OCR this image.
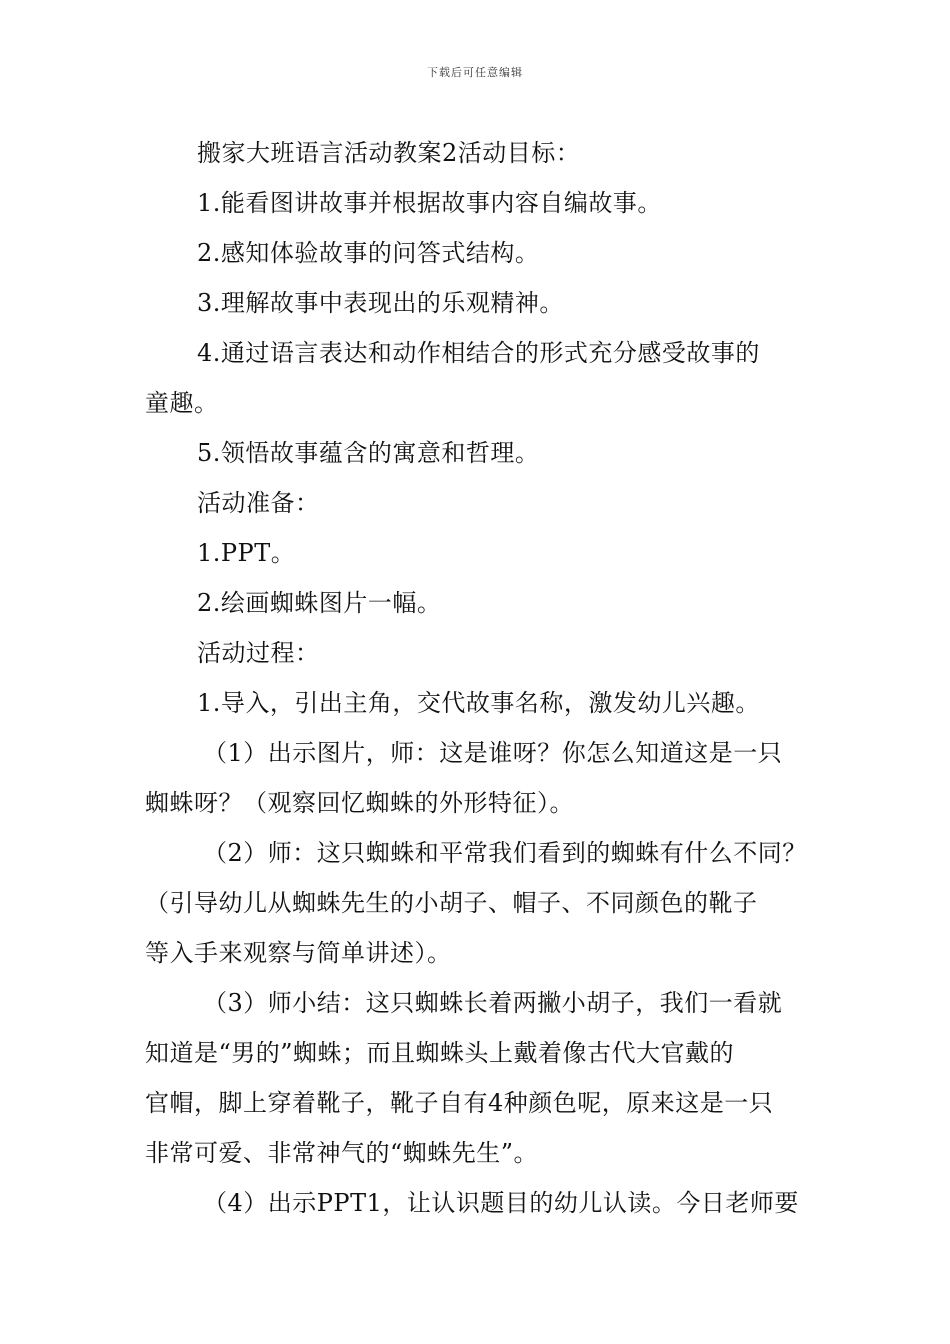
下载后可任意编辑
搬家大班语言活动教案2活动目标：
1.能看图讲故事并根据故事内容自编故事。
2.感知体验故事的问答式结构。
3.理解故事中表现出的乐观精神。
4.通过语言表达和动作相结合的形式充分感受故事的
童趣。
5.领悟故事蕴含的寓意和哲理。
活动准备：
1.PPT。
2.绘画蜘蛛图片一幅。
活动过程：
1.导入，引出主角，交代故事名称，激发幼儿兴趣。
（1）出示图片，师：这是谁呀？你怎么知道这是一只
蜘蛛呀？（观察回忆蜘蛛的外形特征）。
（2）师：这只蜘蛛和平常我们看到的蜘蛛有什么不同？
（引导幼儿从蜘蛛先生的小胡子、帽子、不同颜色的靴子
等入手来观察与简单讲述）。
（3）师小结：这只蜘蛛长着两撇小胡子，我们一看就
知道是“男的”蜘蛛；而且蜘蛛头上戴着像古代大官戴的
官帽，脚上穿着靴子，靴子自有4种颜色呢，原来这是一只
非常可爱、非常神气的“蜘蛛先生”。
（4）出示PPT1，让认识题目的幼儿认读。今日老师要
